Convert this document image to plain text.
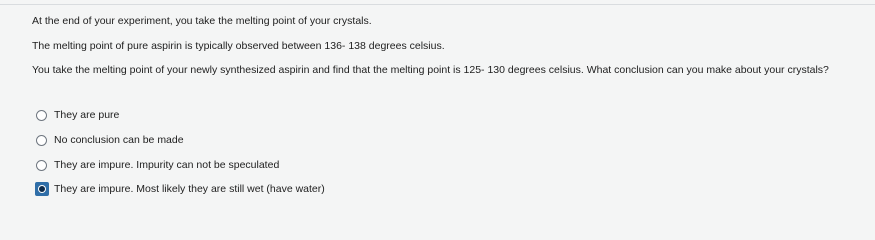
At the end of your experiment, you take the melting point of your crystals.

The melting point of pure aspirin is typically observed between 136- 138 degrees celsius.

You take the melting point of your newly synthesized aspirin and find that the melting point is 125- 130 degrees celsius. What conclusion can you make about your crystals?

They are pure
No conclusion can be made
They are impure. Impurity can not be speculated
They are impure. Most likely they are still wet (have water)
